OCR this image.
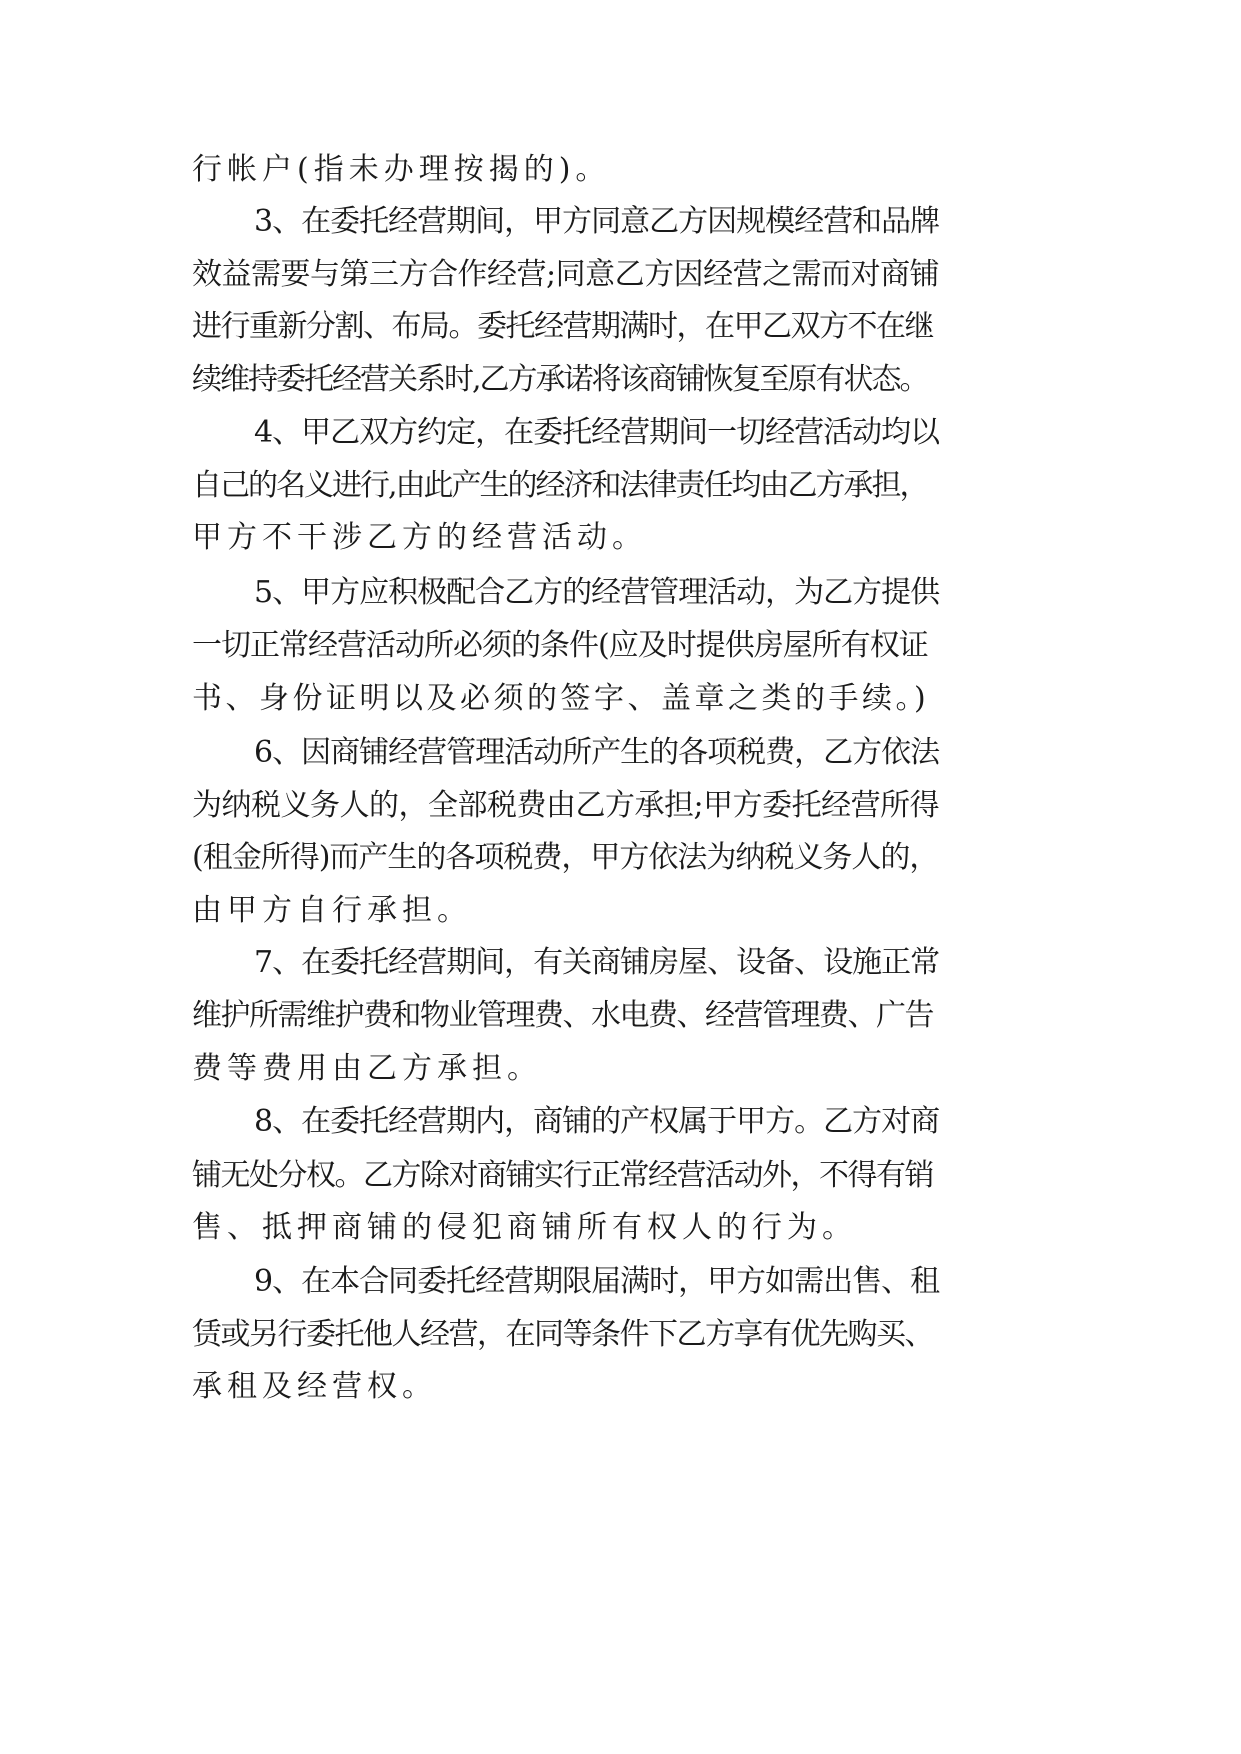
行帐户(指未办理按揭的)。
3、在委托经营期间，甲方同意乙方因规模经营和品牌
效益需要与第三方合作经营;同意乙方因经营之需而对商铺
进行重新分割、布局。委托经营期满时，在甲乙双方不在继
续维持委托经营关系时,乙方承诺将该商铺恢复至原有状态。
4、甲乙双方约定，在委托经营期间一切经营活动均以
自己的名义进行,由此产生的经济和法律责任均由乙方承担，
甲方不干涉乙方的经营活动。
5、甲方应积极配合乙方的经营管理活动，为乙方提供
一切正常经营活动所必须的条件(应及时提供房屋所有权证
书、身份证明以及必须的签字、盖章之类的手续。)
6、因商铺经营管理活动所产生的各项税费，乙方依法
为纳税义务人的，全部税费由乙方承担;甲方委托经营所得
(租金所得)而产生的各项税费，甲方依法为纳税义务人的，
由甲方自行承担。
7、在委托经营期间，有关商铺房屋、设备、设施正常
维护所需维护费和物业管理费、水电费、经营管理费、广告
费等费用由乙方承担。
8、在委托经营期内，商铺的产权属于甲方。乙方对商
铺无处分权。乙方除对商铺实行正常经营活动外，不得有销
售、抵押商铺的侵犯商铺所有权人的行为。
9、在本合同委托经营期限届满时，甲方如需出售、租
赁或另行委托他人经营，在同等条件下乙方享有优先购买、
承租及经营权。
